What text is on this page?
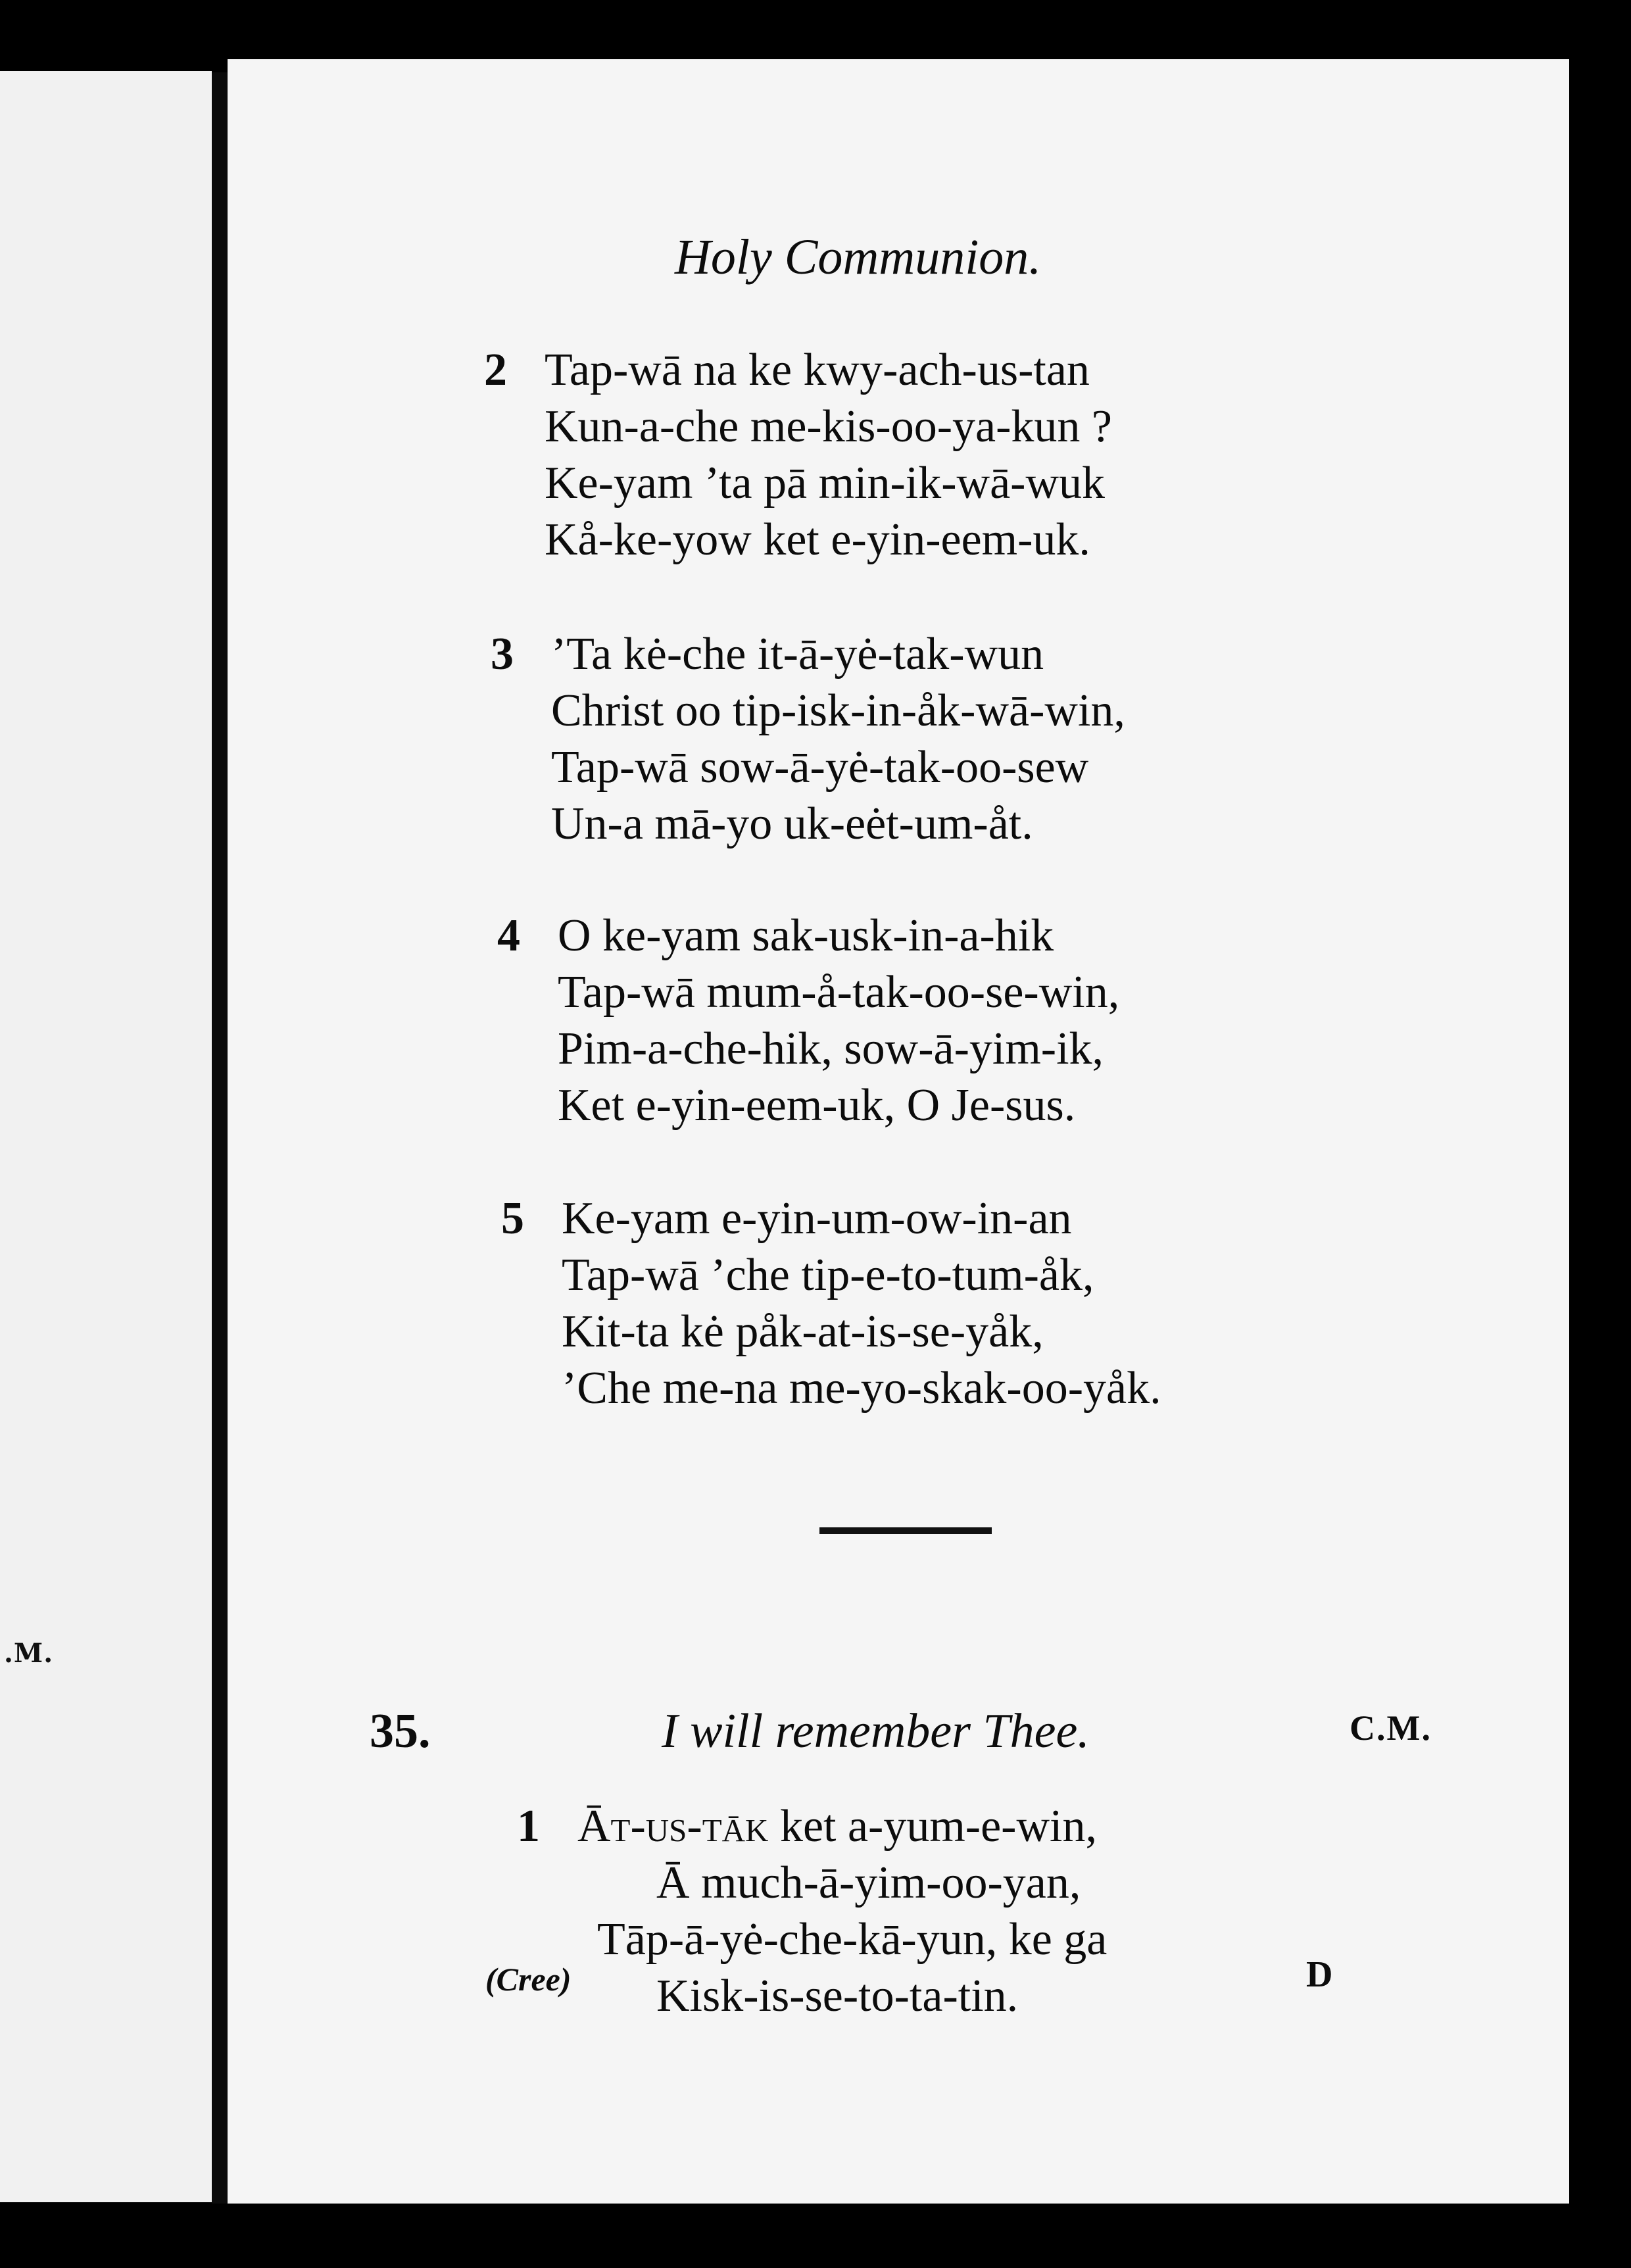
.M.
Holy Communion.
2 Tap-wā na ke kwy-ach-us-tan
Kun-a-che me-kis-oo-ya-kun ?
Ke-yam ’ta pā min-ik-wā-wuk
Kå-ke-yow ket e-yin-eem-uk.
3 ’Ta kė-che it-ā-yė-tak-wun
Christ oo tip-isk-in-åk-wā-win,
Tap-wā sow-ā-yė-tak-oo-sew
Un-a mā-yo uk-eėt-um-åt.
4 O ke-yam sak-usk-in-a-hik
Tap-wā mum-å-tak-oo-se-win,
Pim-a-che-hik, sow-ā-yim-ik,
Ket e-yin-eem-uk, O Je-sus.
5 Ke-yam e-yin-um-ow-in-an
Tap-wā ’che tip-e-to-tum-åk,
Kit-ta kė påk-at-is-se-yåk,
’Che me-na me-yo-skak-oo-yåk.
35.	I will remember Thee.	C.M.
1 Āt-us-tāk ket a-yum-e-win,
Ā much-ā-yim-oo-yan,
Tāp-ā-yė-che-kā-yun, ke ga
Kisk-is-se-to-ta-tin.
(Cree)	D
